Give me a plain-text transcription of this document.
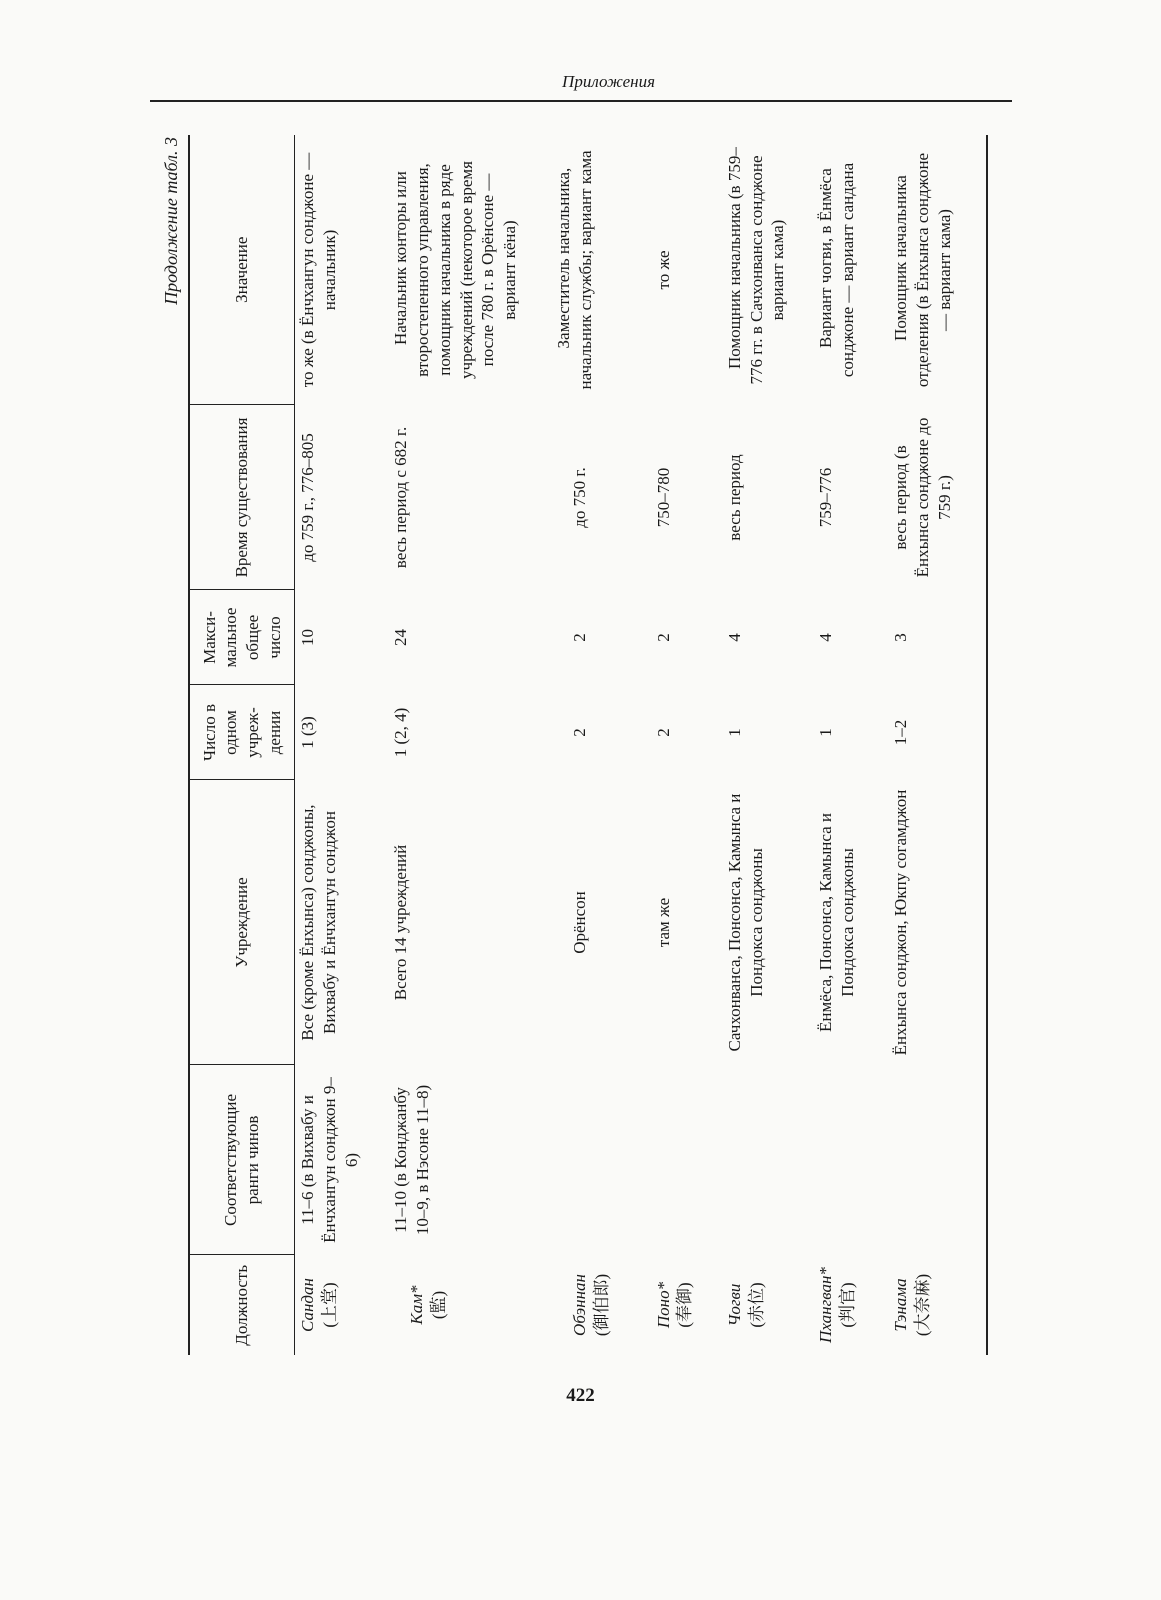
Приложения
Продолжение табл. 3
Должность	Соответствующие ранги чинов	Учреждение	Число в одном учреж- дении	Макси- мальное общее число	Время существования	Значение
Сандан (上堂)	11–6 (в Вихвабу и Ёнчхангун сонджон 9–6)	Все (кроме Ёнхынса) сонджоны, Вихвабу и Ёнчхангун сонджон	1 (3)	10	до 759 г., 776–805	то же (в Ёнчхангун сонджоне — начальник)
Кам* (監)	11–10 (в Конджанбу 10–9, в Нэсоне 11–8)	Всего 14 учреждений	1 (2, 4)	24	весь период с 682 г.	Начальник конторы или второстепенного управления, помощник начальника в ряде учреждений (некоторое время после 780 г. в Орёнсоне — вариант кёна)

Обэннан (御伯郎)		Орёнсон	2	2	до 750 г.	Заместитель начальника, начальник службы; вариант кама

Поно* (奉御)		там же	2	2	750–780	то же

Чогви (赤位)		Сачхонванса, Понсонса, Камынса и Пондокса сонджоны	1	4	весь период	Помощник начальника (в 759–776 гг. в Сачхонванса сонджоне вариант кама)

Пхангван* (判官)		Ёнмёса, Понсонса, Камынса и Пондокса сонджоны	1	4	759–776	Вариант чогви, в Ёнмёса сонджоне — вариант сандана

Тэнама (大奈麻)		Ёнхынса сонджон, Юкпу согамджон	1–2	3	весь период (в Ёнхынса сонджоне до 759 г.)	Помощник начальника отделения (в Ёнхынса сонджоне — вариант кама)
422
